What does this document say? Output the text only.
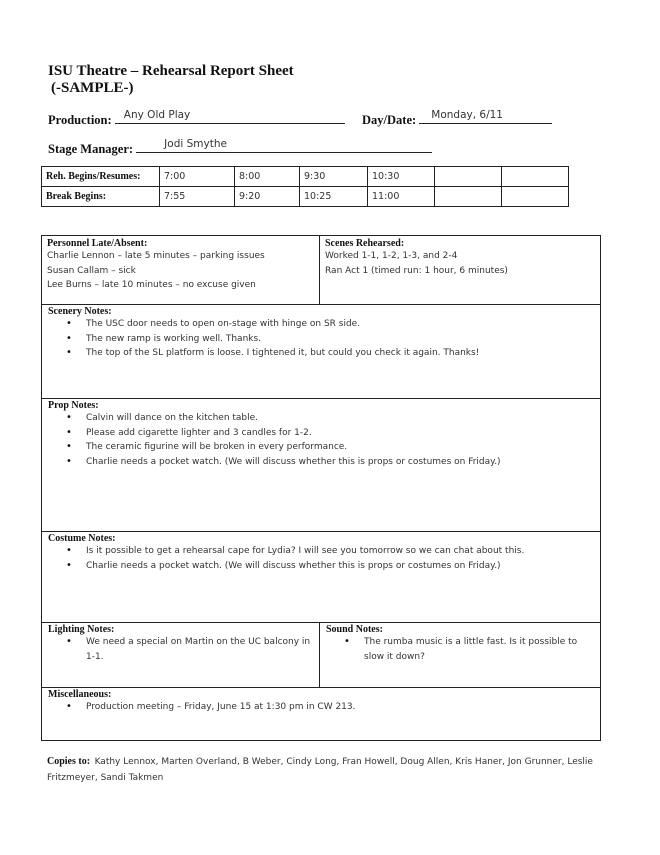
ISU Theatre – Rehearsal Report Sheet
(-SAMPLE-)
Production: Any Old Play	Day/Date: Monday, 6/11
Stage Manager:	Jodi Smythe
Reh. Begins/Resumes:	7:00	8:00	9:30	10:30		
Break Begins:	7:55	9:20	10:25	11:00		
Personnel Late/Absent:
Charlie Lennon – late 5 minutes – parking issues
Susan Callam – sick
Lee Burns – late 10 minutes – no excuse given
Scenes Rehearsed:
Worked 1-1, 1-2, 1-3, and 2-4
Ran Act 1 (timed run: 1 hour, 6 minutes)
Scenery Notes:
• The USC door needs to open on-stage with hinge on SR side.
• The new ramp is working well. Thanks.
• The top of the SL platform is loose. I tightened it, but could you check it again. Thanks!
Prop Notes:
• Calvin will dance on the kitchen table.
• Please add cigarette lighter and 3 candles for 1-2.
• The ceramic figurine will be broken in every performance.
• Charlie needs a pocket watch. (We will discuss whether this is props or costumes on Friday.)
Costume Notes:
• Is it possible to get a rehearsal cape for Lydia? I will see you tomorrow so we can chat about this.
• Charlie needs a pocket watch. (We will discuss whether this is props or costumes on Friday.)
Lighting Notes:
• We need a special on Martin on the UC balcony in 1-1.
Sound Notes:
• The rumba music is a little fast. Is it possible to slow it down?
Miscellaneous:
• Production meeting – Friday, June 15 at 1:30 pm in CW 213.
Copies to: Kathy Lennox, Marten Overland, B Weber, Cindy Long, Fran Howell, Doug Allen, Kris Haner, Jon Grunner, Leslie Fritzmeyer, Sandi Takmen
